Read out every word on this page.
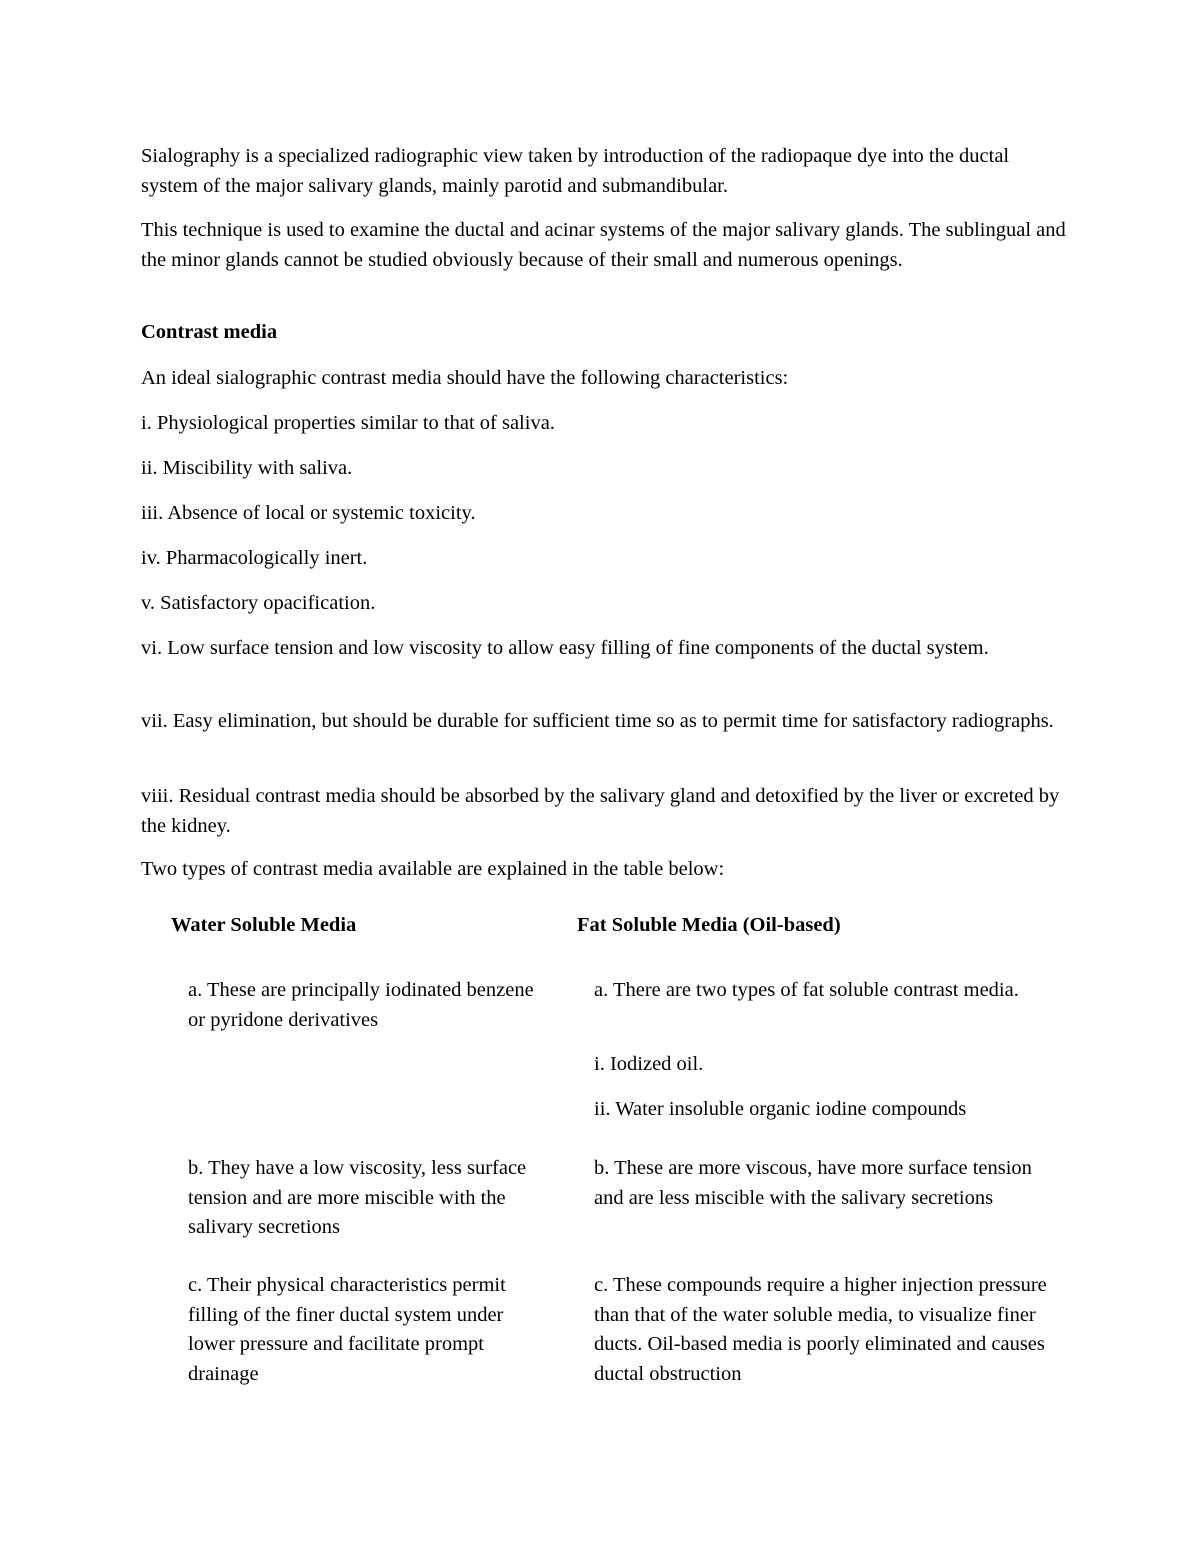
Sialography is a specialized radiographic view taken by introduction of the radiopaque dye into the ductal system of the major salivary glands, mainly parotid and submandibular.

This technique is used to examine the ductal and acinar systems of the major salivary glands. The sublingual and the minor glands cannot be studied obviously because of their small and numerous openings.

Contrast media

An ideal sialographic contrast media should have the following characteristics:

i. Physiological properties similar to that of saliva.

ii. Miscibility with saliva.

iii. Absence of local or systemic toxicity.

iv. Pharmacologically inert.

v. Satisfactory opacification.

vi. Low surface tension and low viscosity to allow easy filling of fine components of the ductal system.

vii. Easy elimination, but should be durable for sufficient time so as to permit time for satisfactory radiographs.

viii. Residual contrast media should be absorbed by the salivary gland and detoxified by the liver or excreted by the kidney.

Two types of contrast media available are explained in the table below:

Water Soluble Media	Fat Soluble Media (Oil-based)

a. These are principally iodinated benzene or pyridone derivatives

a. There are two types of fat soluble contrast media.

i. Iodized oil.

ii. Water insoluble organic iodine compounds

b. They have a low viscosity, less surface tension and are more miscible with the salivary secretions

b. These are more viscous, have more surface tension and are less miscible with the salivary secretions

c. Their physical characteristics permit filling of the finer ductal system under lower pressure and facilitate prompt drainage

c. These compounds require a higher injection pressure than that of the water soluble media, to visualize finer ducts. Oil-based media is poorly eliminated and causes ductal obstruction
